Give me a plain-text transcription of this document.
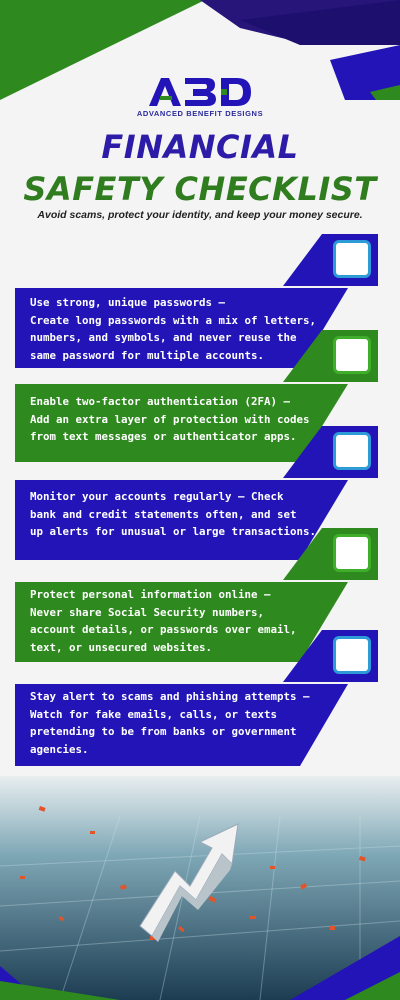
ADVANCED BENEFIT DESIGNS
FINANCIAL
SAFETY CHECKLIST
Avoid scams, protect your identity, and keep your money secure.
Use strong, unique passwords –
Create long passwords with a mix of letters,
numbers, and symbols, and never reuse the
same password for multiple accounts.
Enable two-factor authentication (2FA) –
Add an extra layer of protection with codes
from text messages or authenticator apps.
Monitor your accounts regularly – Check
bank and credit statements often, and set
up alerts for unusual or large transactions.
Protect personal information online –
Never share Social Security numbers,
account details, or passwords over email,
text, or unsecured websites.
Stay alert to scams and phishing attempts –
Watch for fake emails, calls, or texts
pretending to be from banks or government
agencies.
